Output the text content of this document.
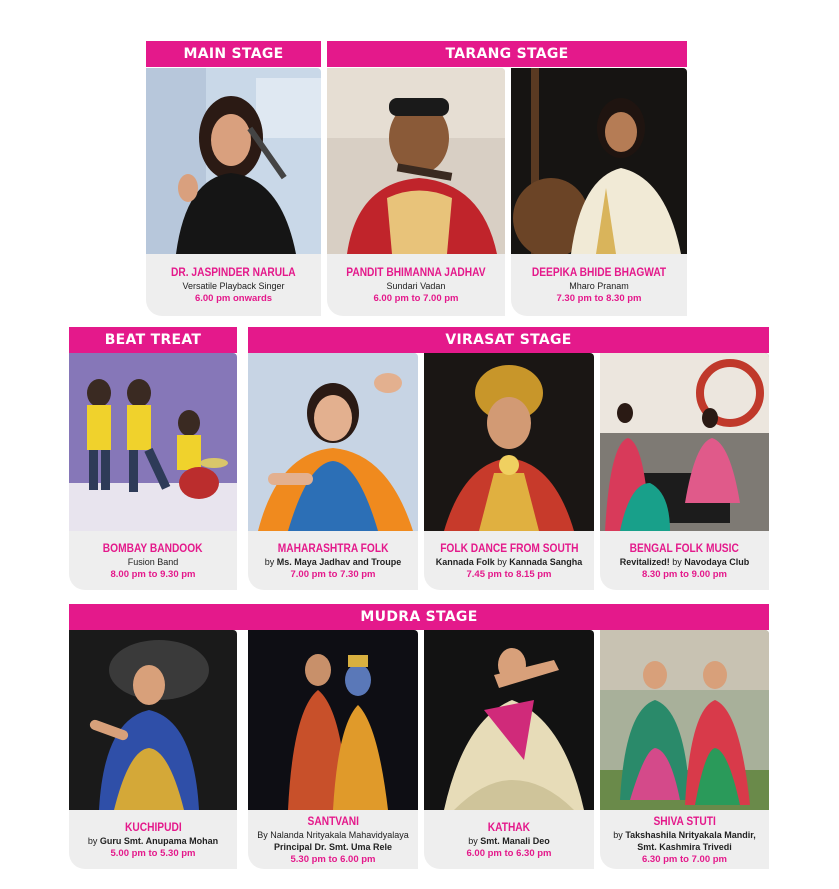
MAIN STAGE	TARANG STAGE
DR. JASPINDER NARULA
Versatile Playback Singer
6.00 pm onwards
PANDIT BHIMANNA JADHAV
Sundari Vadan
6.00 pm to 7.00 pm
DEEPIKA BHIDE BHAGWAT
Mharo Pranam
7.30 pm to 8.30 pm
BEAT TREAT	VIRASAT STAGE
BOMBAY BANDOOK
Fusion Band
8.00 pm to 9.30 pm
MAHARASHTRA FOLK
by Ms. Maya Jadhav and Troupe
7.00 pm to 7.30 pm
FOLK DANCE FROM SOUTH
Kannada Folk by Kannada Sangha
7.45 pm to 8.15 pm
BENGAL FOLK MUSIC
Revitalized! by Navodaya Club
8.30 pm to 9.00 pm
MUDRA STAGE
KUCHIPUDI
by Guru Smt. Anupama Mohan
5.00 pm to 5.30 pm
SANTVANI
By Nalanda Nrityakala Mahavidyalaya
Principal Dr. Smt. Uma Rele
5.30 pm to 6.00 pm
KATHAK
by Smt. Manali Deo
6.00 pm to 6.30 pm
SHIVA STUTI
by Takshashila Nrityakala Mandir,
Smt. Kashmira Trivedi
6.30 pm to 7.00 pm
